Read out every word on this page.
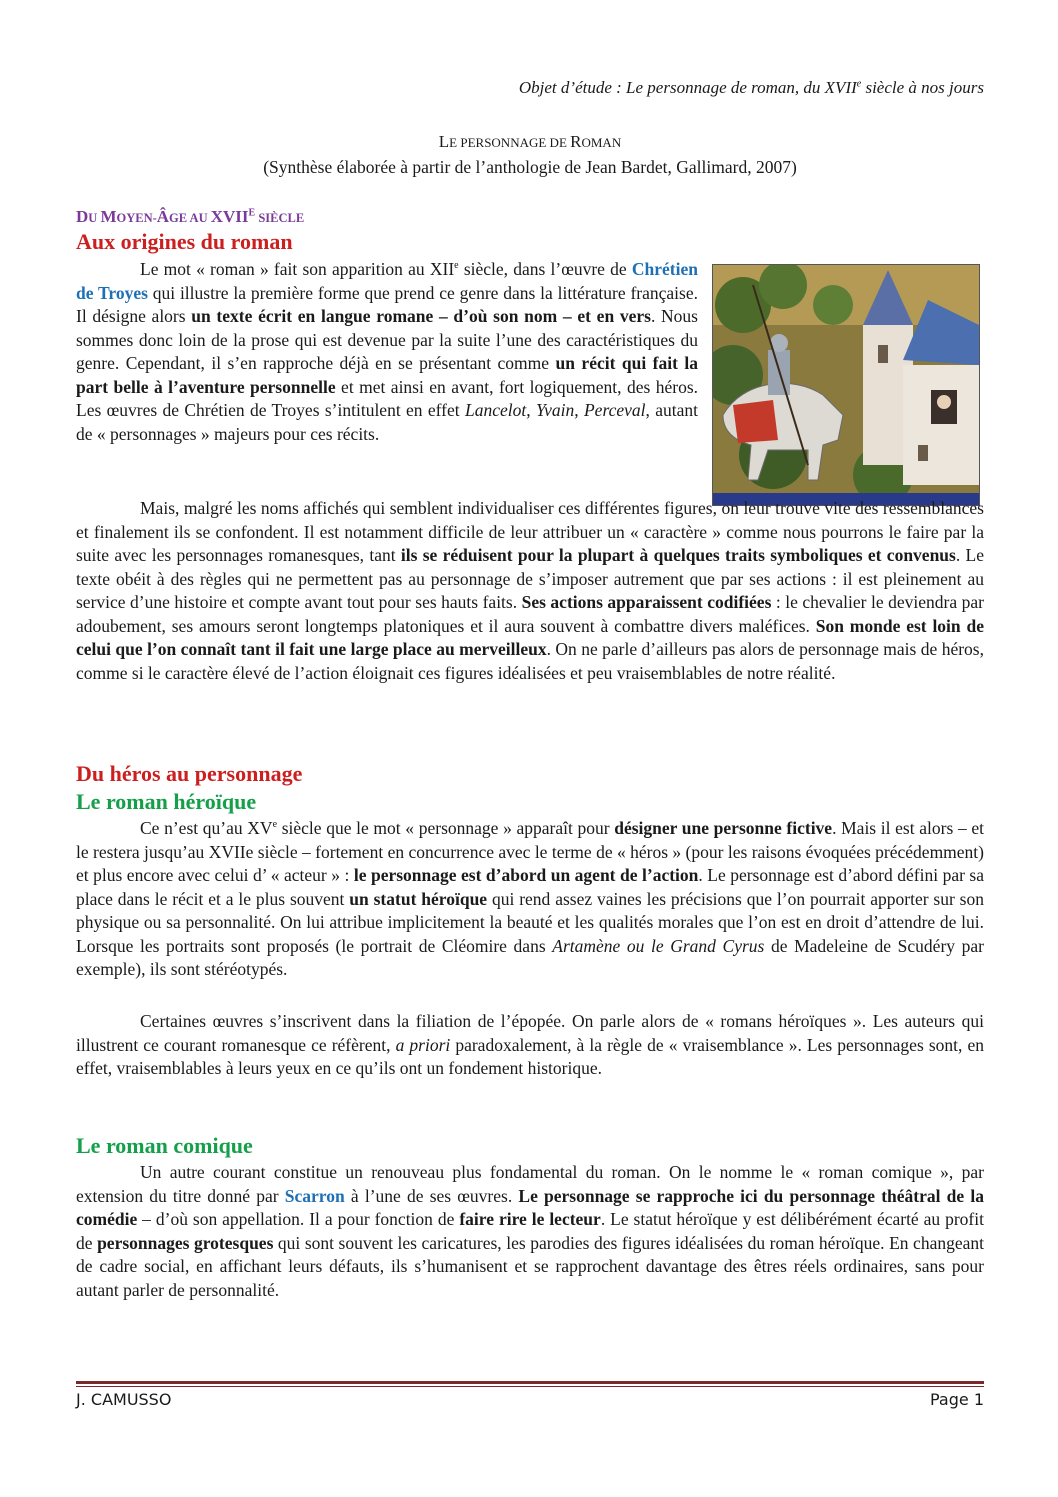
Objet d’étude : Le personnage de roman, du XVIIe siècle à nos jours
LE PERSONNAGE DE ROMAN
(Synthèse élaborée à partir de l’anthologie de Jean Bardet, Gallimard, 2007)
DU MOYEN-ÂGE AU $XVII^E$ SIÈCLE
Aux origines du roman

Le mot « roman » fait son apparition au XIIe siècle, dans l’œuvre de Chrétien de Troyes qui illustre la première forme que prend ce genre dans la littérature française. Il désigne alors un texte écrit en langue romane – d’où son nom – et en vers. Nous sommes donc loin de la prose qui est devenue par la suite l’une des caractéristiques du genre. Cependant, il s’en rapproche déjà en se présentant comme un récit qui fait la part belle à l’aventure personnelle et met ainsi en avant, fort logiquement, des héros. Les œuvres de Chrétien de Troyes s’intitulent en effet Lancelot, Yvain, Perceval, autant de « personnages » majeurs pour ces récits.

Mais, malgré les noms affichés qui semblent individualiser ces différentes figures, on leur trouve vite des ressemblances et finalement ils se confondent. Il est notamment difficile de leur attribuer un « caractère » comme nous pourrons le faire par la suite avec les personnages romanesques, tant ils se réduisent pour la plupart à quelques traits symboliques et convenus. Le texte obéit à des règles qui ne permettent pas au personnage de s’imposer autrement que par ses actions : il est pleinement au service d’une histoire et compte avant tout pour ses hauts faits. Ses actions apparaissent codifiées : le chevalier le deviendra par adoubement, ses amours seront longtemps platoniques et il aura souvent à combattre divers maléfices. Son monde est loin de celui que l’on connaît tant il fait une large place au merveilleux. On ne parle d’ailleurs pas alors de personnage mais de héros, comme si le caractère élevé de l’action éloignait ces figures idéalisées et peu vraisemblables de notre réalité.

Du héros au personnage
Le roman héroïque

Ce n’est qu’au XVe siècle que le mot « personnage » apparaît pour désigner une personne fictive. Mais il est alors – et le restera jusqu’au XVIIe siècle – fortement en concurrence avec le terme de « héros » (pour les raisons évoquées précédemment) et plus encore avec celui d’ « acteur » : le personnage est d’abord un agent de l’action. Le personnage est d’abord défini par sa place dans le récit et a le plus souvent un statut héroïque qui rend assez vaines les précisions que l’on pourrait apporter sur son physique ou sa personnalité. On lui attribue implicitement la beauté et les qualités morales que l’on est en droit d’attendre de lui. Lorsque les portraits sont proposés (le portrait de Cléomire dans Artamène ou le Grand Cyrus de Madeleine de Scudéry par exemple), ils sont stéréotypés.

Certaines œuvres s’inscrivent dans la filiation de l’épopée. On parle alors de « romans héroïques ». Les auteurs qui illustrent ce courant romanesque ce réfèrent, a priori paradoxalement, à la règle de « vraisemblance ». Les personnages sont, en effet, vraisemblables à leurs yeux en ce qu’ils ont un fondement historique.

Le roman comique

Un autre courant constitue un renouveau plus fondamental du roman. On le nomme le « roman comique », par extension du titre donné par Scarron à l’une de ses œuvres. Le personnage se rapproche ici du personnage théâtral de la comédie – d’où son appellation. Il a pour fonction de faire rire le lecteur. Le statut héroïque y est délibérément écarté au profit de personnages grotesques qui sont souvent les caricatures, les parodies des figures idéalisées du roman héroïque. En changeant de cadre social, en affichant leurs défauts, ils s’humanisent et se rapprochent davantage des êtres réels ordinaires, sans pour autant parler de personnalité.

J. CAMUSSO	Page 1
